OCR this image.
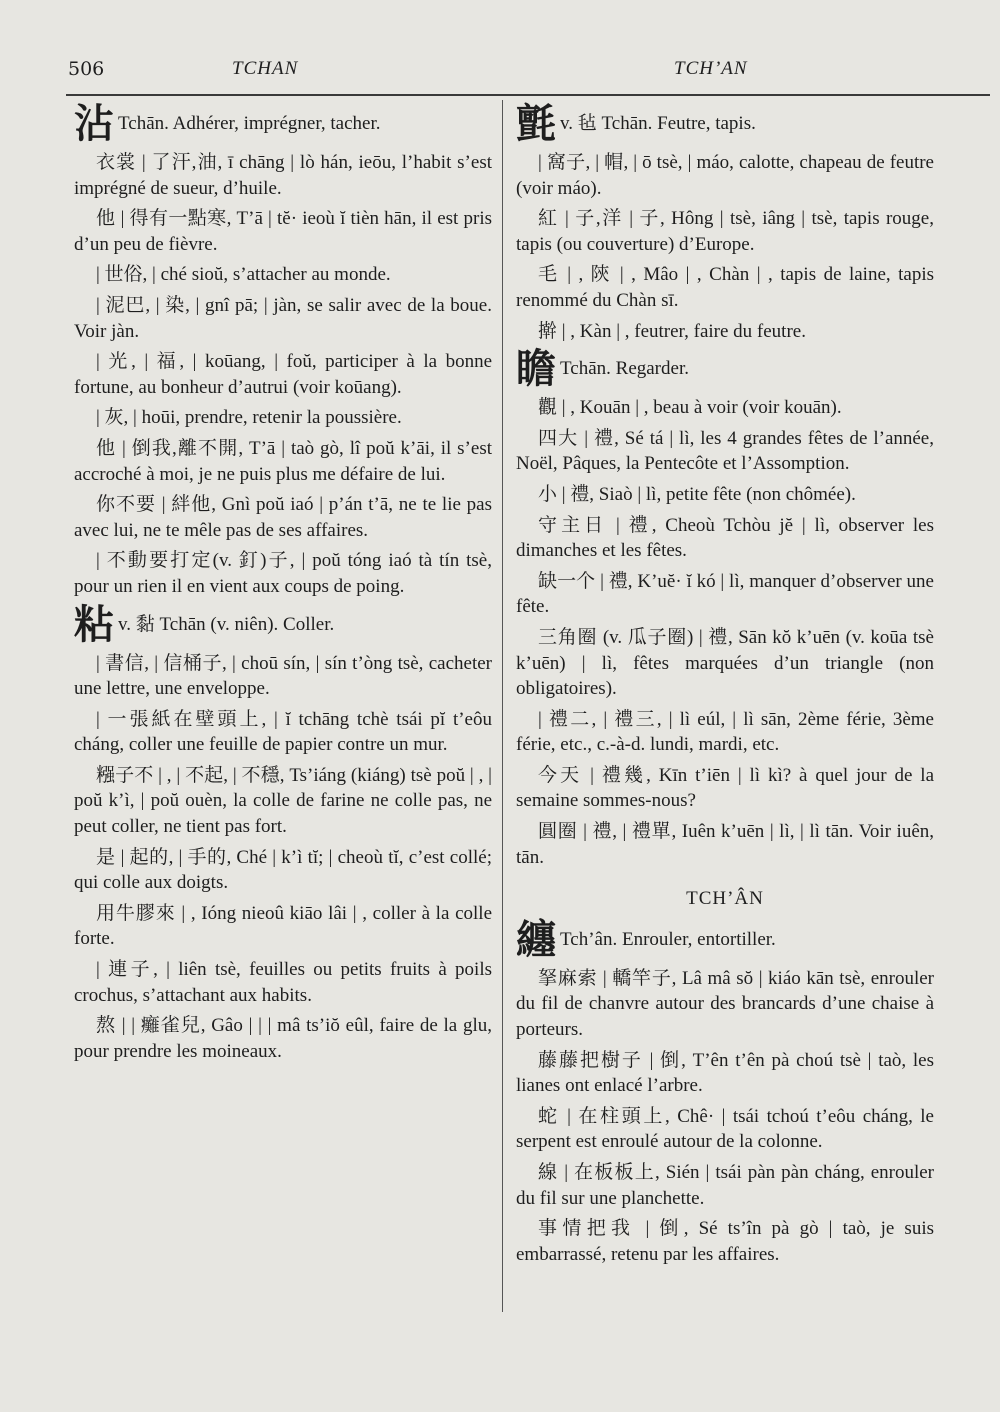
506	TCHAN	TCH’AN
沾 Tchān. Adhérer, imprégner, tacher.
衣裳 | 了汗,油, ī chāng | lò hán, ieōu, l’habit s’est imprégné de sueur, d’huile.
他 | 得有一點寒, T’ā | tĕ· ieoù ĭ tièn hān, il est pris d’un peu de fièvre.
| 世俗, | ché sioŭ, s’attacher au monde.
| 泥巴, | 染, | gnî pā; | jàn, se salir avec de la boue. Voir jàn.
| 光, | 福, | koūang, | foŭ, participer à la bonne fortune, au bonheur d’autrui (voir koūang).
| 灰, | hoūi, prendre, retenir la poussière.
他 | 倒我,離不開, T’ā | taò gò, lî poŭ k’āi, il s’est accroché à moi, je ne puis plus me défaire de lui.
你不要 | 絆他, Gnì poŭ iaó | p’án t’ā, ne te lie pas avec lui, ne te mêle pas de ses affaires.
| 不動要打定(v. 釘)子, | poŭ tóng iaó tà tín tsè, pour un rien il en vient aux coups de poing.
粘v. 黏 Tchān (v. niên). Coller.
| 書信, | 信桶子, | choū sín, | sín t’òng tsè, cacheter une lettre, une enveloppe.
| 一張紙在壁頭上, | ĭ tchāng tchè tsái pĭ t’eôu cháng, coller une feuille de papier contre un mur.
糨子不 | , | 不起, | 不穩, Ts’iáng (kiáng) tsè poŭ | , | poŭ k’ì, | poŭ ouèn, la colle de farine ne colle pas, ne peut coller, ne tient pas fort.
是 | 起的, | 手的, Ché | k’ì tĭ; | cheoù tĭ, c’est collé; qui colle aux doigts.
用牛膠來 | , Ióng nieoû kiāo lâi | , coller à la colle forte.
| 連子, | liên tsè, feuilles ou petits fruits à poils crochus, s’attachant aux habits.
熬 | | 癱雀兒, Gâo | | | mâ ts’iŏ eûl, faire de la glu, pour prendre les moineaux.
氈v. 毡 Tchān. Feutre, tapis.
| 窩子, | 帽, | ō tsè, | máo, calotte, chapeau de feutre (voir máo).
紅 | 子,洋 | 子, Hông | tsè, iâng | tsè, tapis rouge, tapis (ou couverture) d’Europe.
毛 | , 陝 | , Mâo | , Chàn | , tapis de laine, tapis renommé du Chàn sī.
擀 | , Kàn | , feutrer, faire du feutre.
瞻 Tchān. Regarder.
觀 | , Kouān | , beau à voir (voir kouān).
四大 | 禮, Sé tá | lì, les 4 grandes fêtes de l’année, Noël, Pâques, la Pentecôte et l’Assomption.
小 | 禮, Siaò | lì, petite fête (non chômée).
守主日 | 禮, Cheoù Tchòu jĕ | lì, observer les dimanches et les fêtes.
缺一个 | 禮, K’uĕ· ĭ kó | lì, manquer d’observer une fête.
三角圈 (v. 瓜子圈) | 禮, Sān kŏ k’uēn (v. koūa tsè k’uēn) | lì, fêtes marquées d’un triangle (non obligatoires).
| 禮二, | 禮三, | lì eúl, | lì sān, 2ème férie, 3ème férie, etc., c.-à-d. lundi, mardi, etc.
今天 | 禮幾, Kīn t’iēn | lì kì? à quel jour de la semaine sommes-nous?
圓圈 | 禮, | 禮單, Iuên k’uēn | lì, | lì tān. Voir iuên, tān.
TCH’ÂN
纏 Tch’ân. Enrouler, entortiller.
拏麻索 | 轎竿子, Lâ mâ sŏ | kiáo kān tsè, enrouler du fil de chanvre autour des brancards d’une chaise à porteurs.
藤藤把樹子 | 倒, T’ên t’ên pà choú tsè | taò, les lianes ont enlacé l’arbre.
蛇 | 在柱頭上, Chê· | tsái tchoú t’eôu cháng, le serpent est enroulé autour de la colonne.
線 | 在板板上, Sién | tsái pàn pàn cháng, enrouler du fil sur une planchette.
事情把我 | 倒, Sé ts’în pà gò | taò, je suis embarrassé, retenu par les affaires.
